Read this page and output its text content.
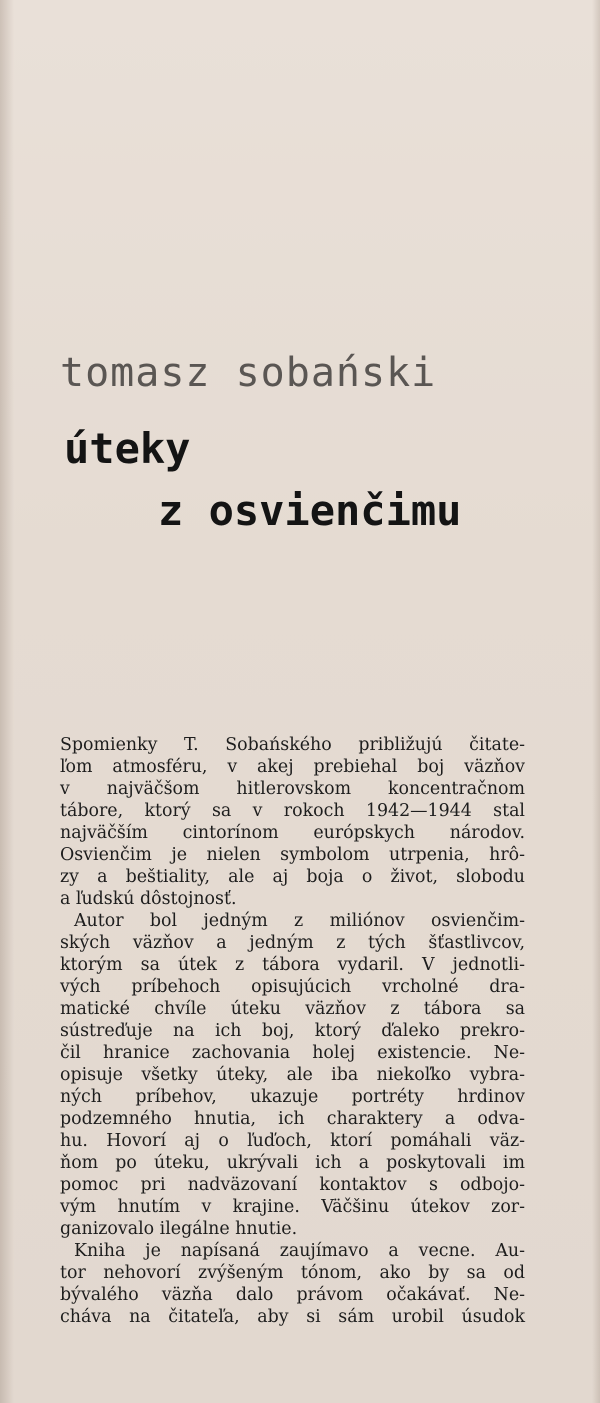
tomasz sobański
úteky
z osvienčimu
Spomienky T. Sobańského približujú čitate-
ľom atmosféru, v akej prebiehal boj väzňov
v najväčšom hitlerovskom koncentračnom
tábore, ktorý sa v rokoch 1942—1944 stal
najväčším cintorínom európskych národov.
Osvienčim je nielen symbolom utrpenia, hrô-
zy a beštiality, ale aj boja o život, slobodu
a ľudskú dôstojnosť.
Autor bol jedným z miliónov osvienčim-
ských väzňov a jedným z tých šťastlivcov,
ktorým sa útek z tábora vydaril. V jednotli-
vých príbehoch opisujúcich vrcholné dra-
matické chvíle úteku väzňov z tábora sa
sústreďuje na ich boj, ktorý ďaleko prekro-
čil hranice zachovania holej existencie. Ne-
opisuje všetky úteky, ale iba niekoľko vybra-
ných príbehov, ukazuje portréty hrdinov
podzemného hnutia, ich charaktery a odva-
hu. Hovorí aj o ľuďoch, ktorí pomáhali väz-
ňom po úteku, ukrývali ich a poskytovali im
pomoc pri nadväzovaní kontaktov s odbojo-
vým hnutím v krajine. Väčšinu útekov zor-
ganizovalo ilegálne hnutie.
Kniha je napísaná zaujímavo a vecne. Au-
tor nehovorí zvýšeným tónom, ako by sa od
bývalého väzňa dalo právom očakávať. Ne-
cháva na čitateľa, aby si sám urobil úsudok
